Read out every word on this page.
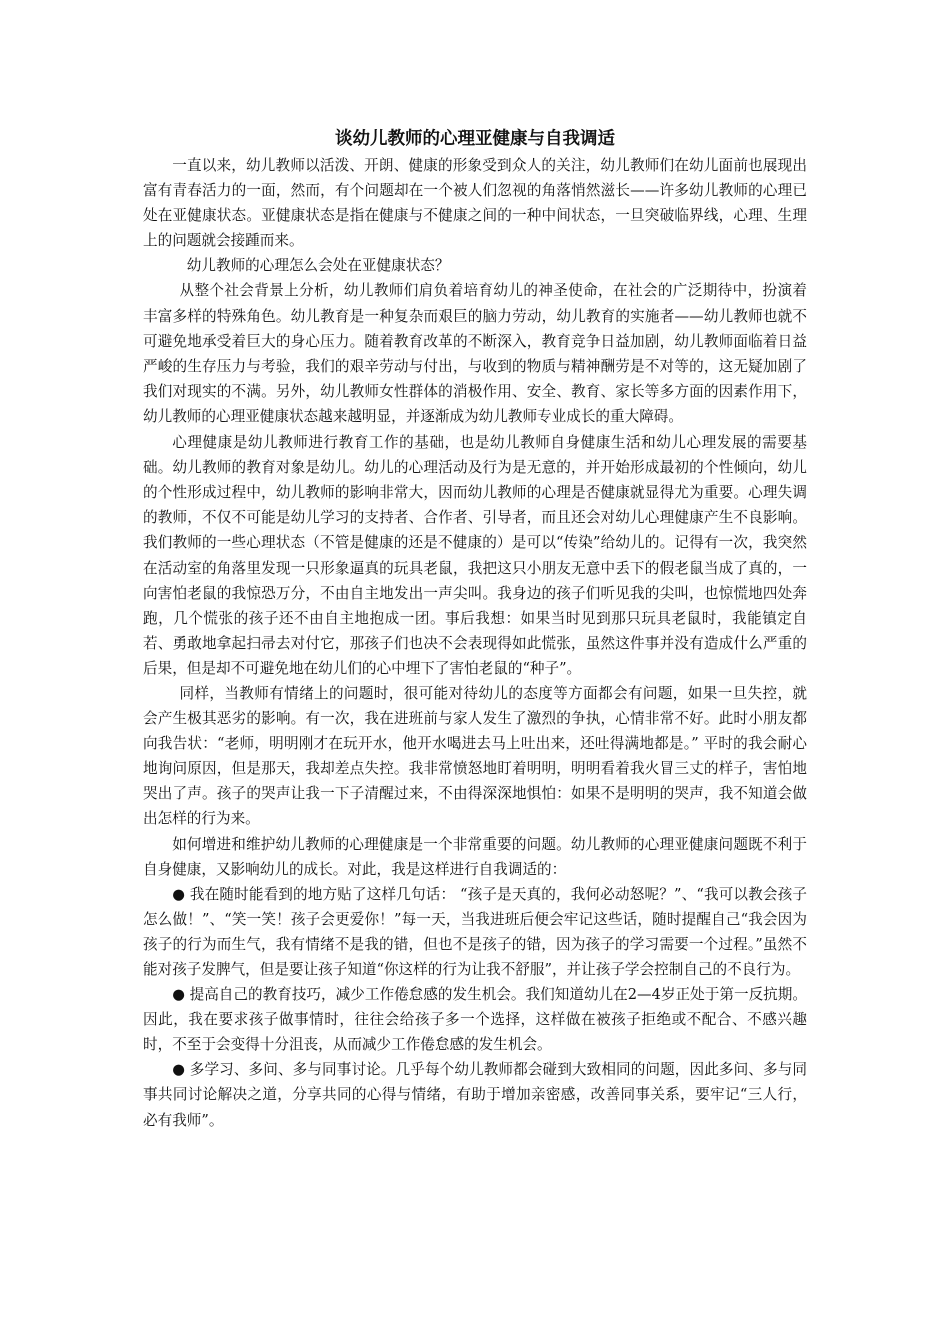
谈幼儿教师的心理亚健康与自我调适

一直以来，幼儿教师以活泼、开朗、健康的形象受到众人的关注，幼儿教师们在幼儿面前也展现出富有青春活力的一面，然而，有个问题却在一个被人们忽视的角落悄然滋长——许多幼儿教师的心理已处在亚健康状态。亚健康状态是指在健康与不健康之间的一种中间状态，一旦突破临界线，心理、生理上的问题就会接踵而来。

幼儿教师的心理怎么会处在亚健康状态？

从整个社会背景上分析，幼儿教师们肩负着培育幼儿的神圣使命，在社会的广泛期待中，扮演着丰富多样的特殊角色。幼儿教育是一种复杂而艰巨的脑力劳动，幼儿教育的实施者——幼儿教师也就不可避免地承受着巨大的身心压力。随着教育改革的不断深入，教育竞争日益加剧，幼儿教师面临着日益严峻的生存压力与考验，我们的艰辛劳动与付出，与收到的物质与精神酬劳是不对等的，这无疑加剧了我们对现实的不满。另外，幼儿教师女性群体的消极作用、安全、教育、家长等多方面的因素作用下，幼儿教师的心理亚健康状态越来越明显，并逐渐成为幼儿教师专业成长的重大障碍。

心理健康是幼儿教师进行教育工作的基础，也是幼儿教师自身健康生活和幼儿心理发展的需要基础。幼儿教师的教育对象是幼儿。幼儿的心理活动及行为是无意的，并开始形成最初的个性倾向，幼儿的个性形成过程中，幼儿教师的影响非常大，因而幼儿教师的心理是否健康就显得尤为重要。心理失调的教师，不仅不可能是幼儿学习的支持者、合作者、引导者，而且还会对幼儿心理健康产生不良影响。我们教师的一些心理状态（不管是健康的还是不健康的）是可以“传染”给幼儿的。记得有一次，我突然在活动室的角落里发现一只形象逼真的玩具老鼠，我把这只小朋友无意中丢下的假老鼠当成了真的，一向害怕老鼠的我惊恐万分，不由自主地发出一声尖叫。我身边的孩子们听见我的尖叫，也惊慌地四处奔跑，几个慌张的孩子还不由自主地抱成一团。事后我想：如果当时见到那只玩具老鼠时，我能镇定自若、勇敢地拿起扫帚去对付它，那孩子们也决不会表现得如此慌张，虽然这件事并没有造成什么严重的后果，但是却不可避免地在幼儿们的心中埋下了害怕老鼠的“种子”。

同样，当教师有情绪上的问题时，很可能对待幼儿的态度等方面都会有问题，如果一旦失控，就会产生极其恶劣的影响。有一次，我在进班前与家人发生了激烈的争执，心情非常不好。此时小朋友都向我告状：“老师，明明刚才在玩开水，他开水喝进去马上吐出来，还吐得满地都是。” 平时的我会耐心地询问原因，但是那天，我却差点失控。我非常愤怒地盯着明明，明明看着我火冒三丈的样子，害怕地哭出了声。孩子的哭声让我一下子清醒过来，不由得深深地惧怕：如果不是明明的哭声，我不知道会做出怎样的行为来。

如何增进和维护幼儿教师的心理健康是一个非常重要的问题。幼儿教师的心理亚健康问题既不利于自身健康，又影响幼儿的成长。对此，我是这样进行自我调适的：

● 我在随时能看到的地方贴了这样几句话： “孩子是天真的，我何必动怒呢？”、“我可以教会孩子怎么做！”、“笑一笑！孩子会更爱你！”每一天，当我进班后便会牢记这些话，随时提醒自己“我会因为孩子的行为而生气，我有情绪不是我的错，但也不是孩子的错，因为孩子的学习需要一个过程。”虽然不能对孩子发脾气，但是要让孩子知道“你这样的行为让我不舒服”，并让孩子学会控制自己的不良行为。

● 提高自己的教育技巧，减少工作倦怠感的发生机会。我们知道幼儿在2—4岁正处于第一反抗期。因此，我在要求孩子做事情时，往往会给孩子多一个选择，这样做在被孩子拒绝或不配合、不感兴趣时，不至于会变得十分沮丧，从而减少工作倦怠感的发生机会。

● 多学习、多问、多与同事讨论。几乎每个幼儿教师都会碰到大致相同的问题，因此多问、多与同事共同讨论解决之道，分享共同的心得与情绪，有助于增加亲密感，改善同事关系，要牢记“三人行，必有我师”。
